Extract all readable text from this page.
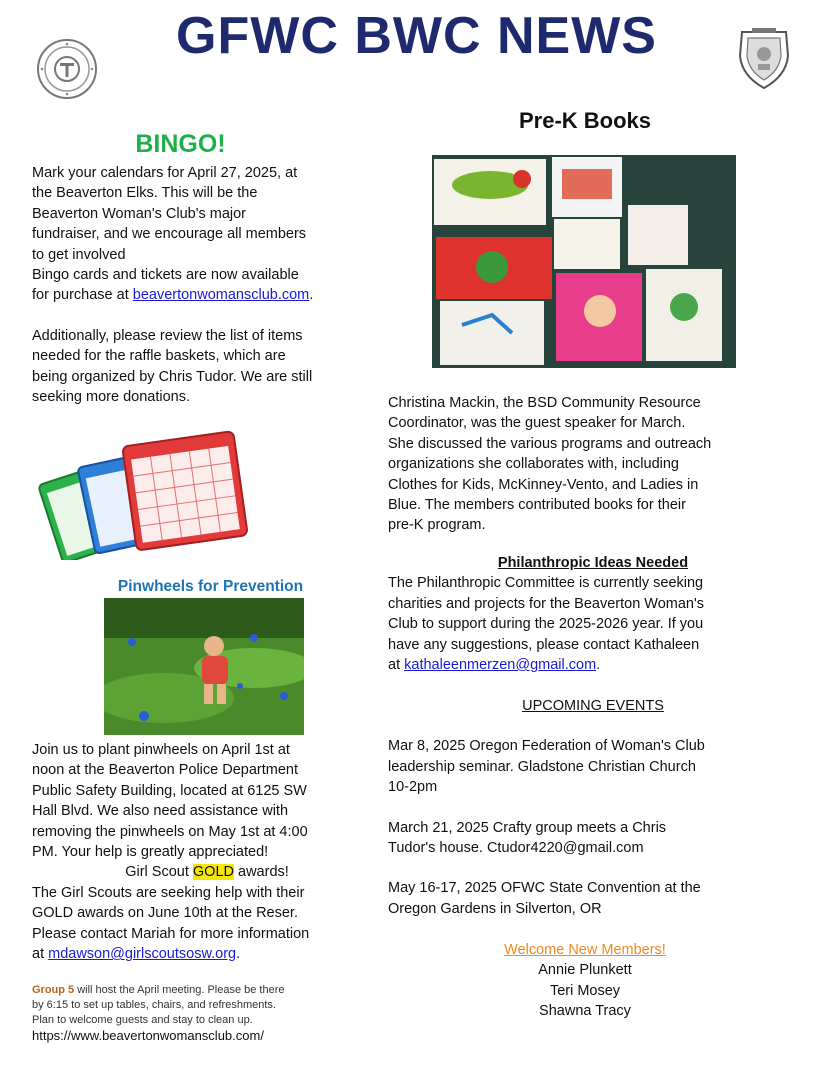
GFWC BWC NEWS
BINGO!

Mark your calendars for April 27, 2025, at

the Beaverton Elks. This will be the

Beaverton Woman's Club's major

fundraiser, and we encourage all members

to get involved

Bingo cards and tickets are now available

for purchase at beavertonwomansclub.com.

Additionally, please review the list of items

needed for the raffle baskets, which are

being organized by Chris Tudor. We are still

seeking more donations.

Pinwheels for Prevention

Join us to plant pinwheels on April 1st at

noon at the Beaverton Police Department

Public Safety Building, located at 6125 SW

Hall Blvd. We also need assistance with

removing the pinwheels on May 1st at 4:00

PM. Your help is greatly appreciated!

Girl Scout GOLD awards!

The Girl Scouts are seeking help with their

GOLD awards on June 10th at the Reser.

Please contact Mariah for more information

at mdawson@girlscoutsosw.org.

Group 5 will host the April meeting. Please be there

by 6:15 to set up tables, chairs, and refreshments.

Plan to welcome guests and stay to clean up.

https://www.beavertonwomansclub.com/

Pre-K Books

Christina Mackin, the BSD Community Resource

Coordinator, was the guest speaker for March.

She discussed the various programs and outreach

organizations she collaborates with, including

Clothes for Kids, McKinney-Vento, and Ladies in

Blue. The members contributed books for their

pre-K program.

Philanthropic Ideas Needed

The Philanthropic Committee is currently seeking

charities and projects for the Beaverton Woman's

Club to support during the 2025-2026 year. If you

have any suggestions, please contact Kathaleen

at kathaleenmerzen@gmail.com.

UPCOMING EVENTS

Mar 8, 2025 Oregon Federation of Woman's Club

leadership seminar. Gladstone Christian Church

10-2pm

March 21, 2025 Crafty group meets a Chris

Tudor's house. Ctudor4220@gmail.com

May 16-17, 2025 OFWC State Convention at the

Oregon Gardens in Silverton, OR

Welcome New Members!

Annie Plunkett

Teri Mosey

Shawna Tracy
